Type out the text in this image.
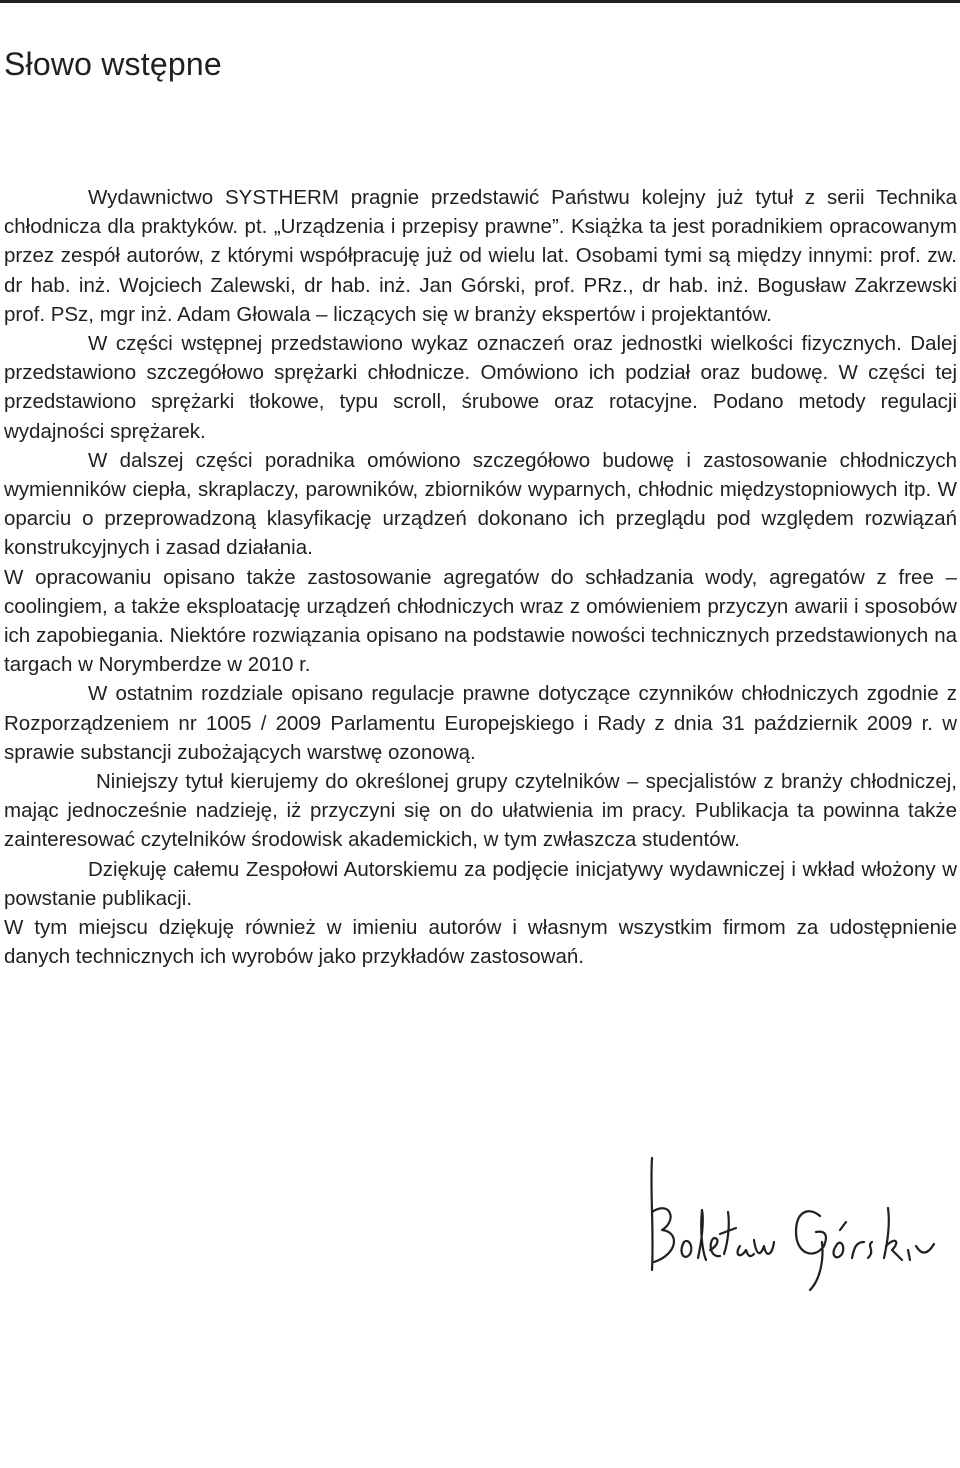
Słowo wstępne

Wydawnictwo SYSTHERM pragnie przedstawić Państwu kolejny już tytuł z serii Technika chłodnicza dla praktyków. pt. „Urządzenia i przepisy prawne”. Książka ta jest poradnikiem opracowanym przez zespół autorów, z którymi współpracuję już od wielu lat. Osobami tymi są między innymi: prof. zw. dr hab. inż. Wojciech Zalewski, dr hab. inż. Jan Górski, prof. PRz., dr hab. inż. Bogusław Zakrzewski prof. PSz, mgr inż. Adam Głowala – liczących się w branży ekspertów i projektantów.

W części wstępnej przedstawiono wykaz oznaczeń oraz jednostki wielkości fizycznych. Dalej przedstawiono szczegółowo sprężarki chłodnicze. Omówiono ich podział oraz budowę. W części tej przedstawiono sprężarki tłokowe, typu scroll, śrubowe oraz rotacyjne. Podano metody regulacji wydajności sprężarek.

W dalszej części poradnika omówiono szczegółowo budowę i zastosowanie chłodniczych wymienników ciepła, skraplaczy, parowników, zbiorników wyparnych, chłodnic międzystopniowych itp. W oparciu o przeprowadzoną klasyfikację urządzeń dokonano ich przeglądu pod względem rozwiązań konstrukcyjnych i zasad działania.

W opracowaniu opisano także zastosowanie agregatów do schładzania wody, agregatów z free – coolingiem, a także eksploatację urządzeń chłodniczych wraz z omówieniem przyczyn awarii i sposobów ich zapobiegania. Niektóre rozwiązania opisano na podstawie nowości technicznych przedstawionych na targach w Norymberdze w 2010 r.

W ostatnim rozdziale opisano regulacje prawne dotyczące czynników chłodniczych zgodnie z Rozporządzeniem nr 1005 / 2009 Parlamentu Europejskiego i Rady z dnia 31 październik 2009 r. w sprawie substancji zubożających warstwę ozonową.

Niniejszy tytuł kierujemy do określonej grupy czytelników – specjalistów z branży chłodniczej, mając jednocześnie nadzieję, iż przyczyni się on do ułatwienia im pracy. Publikacja ta powinna także zainteresować czytelników środowisk akademickich, w tym zwłaszcza studentów.

Dziękuję całemu Zespołowi Autorskiemu za podjęcie inicjatywy wydawniczej i wkład włożony w powstanie publikacji.

W tym miejscu dziękuję również w imieniu autorów i własnym wszystkim firmom za udostępnienie danych technicznych ich wyrobów jako przykładów zastosowań.
